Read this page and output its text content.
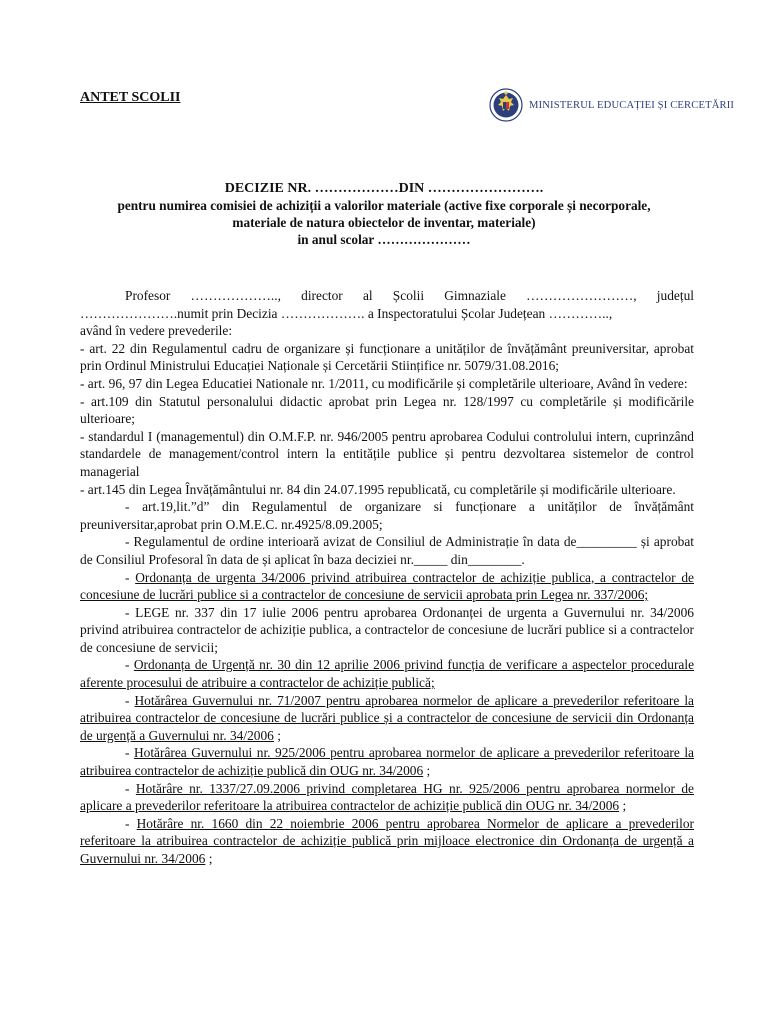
ANTET SCOLII	MINISTERUL EDUCAȚIEI ȘI CERCETĂRII
DECIZIE NR. ………………DIN …………………….
pentru numirea comisiei de achiziții a valorilor materiale (active fixe corporale și necorporale,
materiale de natura obiectelor de inventar, materiale)
in anul scolar …………………

Profesor ……………….., director al Școlii Gimnaziale ……………………, județul ………………….numit prin Decizia ………………. a Inspectoratului Școlar Județean …………..,

având în vedere prevederile:

- art. 22 din Regulamentul cadru de organizare și funcționare a unităților de învățământ preuniversitar, aprobat prin Ordinul Ministrului Educației Naționale și Cercetării Stiințifice nr. 5079/31.08.2016;

- art. 96, 97 din Legea Educatiei Nationale nr. 1/2011, cu modificările și completările ulterioare, Având în vedere:

- art.109 din Statutul personalului didactic aprobat prin Legea nr. 128/1997 cu completările și modificările ulterioare;

- standardul I (managementul) din O.M.F.P. nr. 946/2005 pentru aprobarea Codului controlului intern, cuprinzând standardele de management/control intern la entitățile publice și pentru dezvoltarea sistemelor de control managerial

- art.145 din Legea Învățământului nr. 84 din 24.07.1995 republicată, cu completările și modificările ulterioare.

- art.19,lit.”d” din Regulamentul de organizare si funcționare a unităților de învățământ preuniversitar,aprobat prin O.M.E.C. nr.4925/8.09.2005;

- Regulamentul de ordine interioară avizat de Consiliul de Administrație în data de_________ și aprobat de Consiliul Profesoral în data de și aplicat în baza deciziei nr._____ din________.

- Ordonanța de urgenta 34/2006 privind atribuirea contractelor de achiziție publica, a contractelor de concesiune de lucrări publice si a contractelor de concesiune de servicii aprobata prin Legea nr. 337/2006;

- LEGE nr. 337 din 17 iulie 2006 pentru aprobarea Ordonanței de urgenta a Guvernului nr. 34/2006 privind atribuirea contractelor de achiziție publica, a contractelor de concesiune de lucrări publice si a contractelor de concesiune de servicii;

- Ordonanța de Urgență nr. 30 din 12 aprilie 2006 privind funcția de verificare a aspectelor procedurale aferente procesului de atribuire a contractelor de achiziție publică;

- Hotărârea Guvernului nr. 71/2007 pentru aprobarea normelor de aplicare a prevederilor referitoare la atribuirea contractelor de concesiune de lucrări publice și a contractelor de concesiune de servicii din Ordonanța de urgență a Guvernului nr. 34/2006 ;

- Hotărârea Guvernului nr. 925/2006 pentru aprobarea normelor de aplicare a prevederilor referitoare la atribuirea contractelor de achiziție publică din OUG nr. 34/2006 ;

- Hotărâre nr. 1337/27.09.2006 privind completarea HG nr. 925/2006 pentru aprobarea normelor de aplicare a prevederilor referitoare la atribuirea contractelor de achiziție publică din OUG nr. 34/2006 ;

- Hotărâre nr. 1660 din 22 noiembrie 2006 pentru aprobarea Normelor de aplicare a prevederilor referitoare la atribuirea contractelor de achiziție publică prin mijloace electronice din Ordonanța de urgență a Guvernului nr. 34/2006 ;
